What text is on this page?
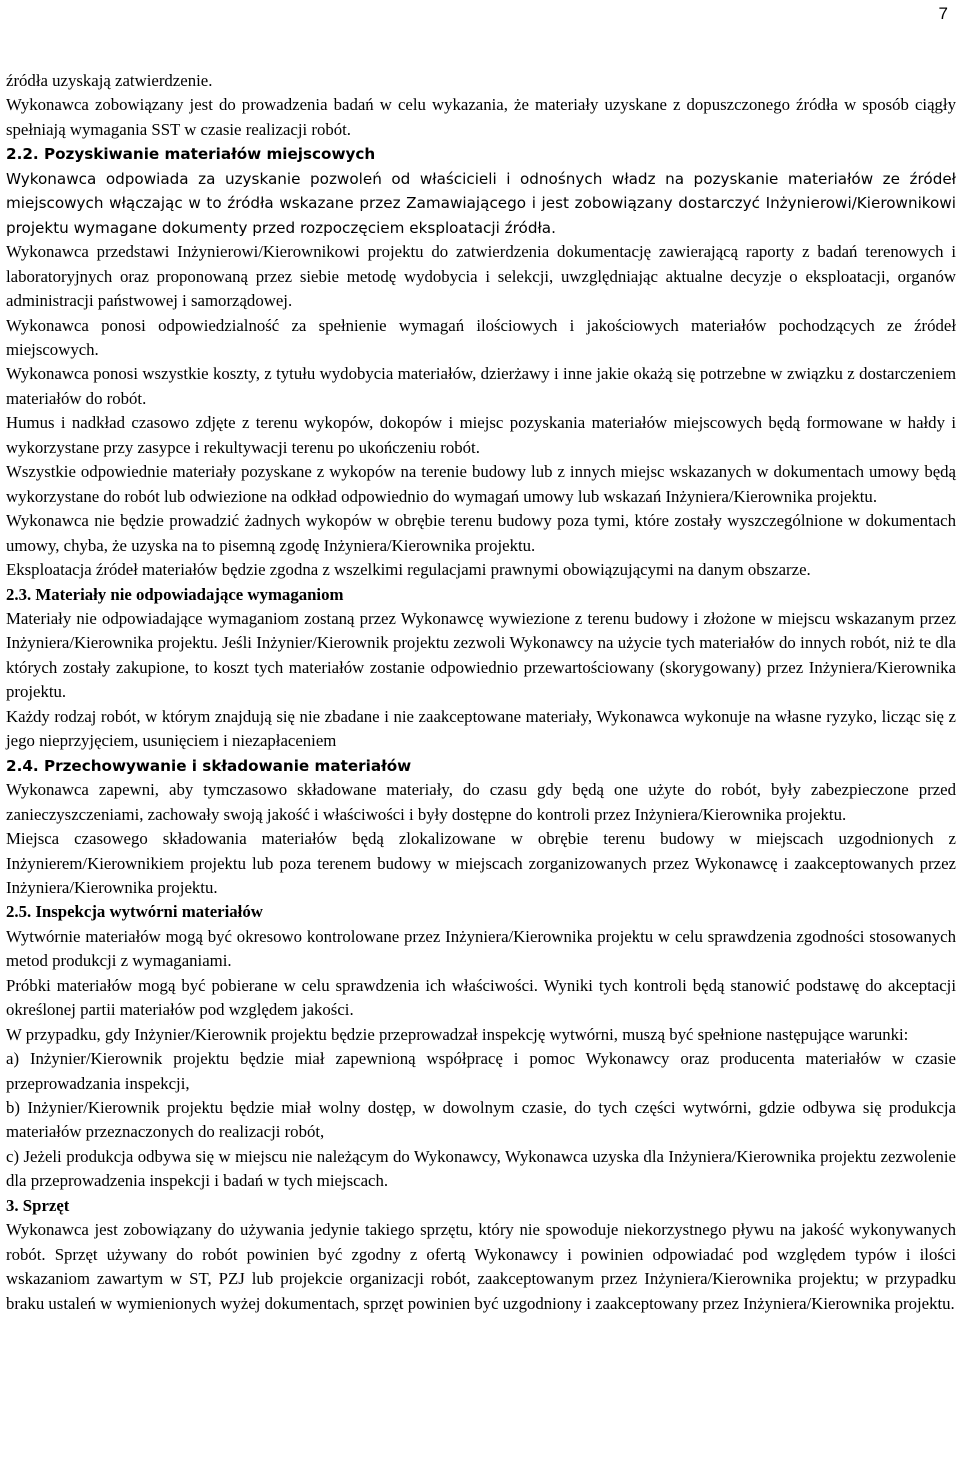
7

źródła uzyskają zatwierdzenie.

Wykonawca zobowiązany jest do prowadzenia badań w celu wykazania, że materiały uzyskane z dopuszczonego źródła w sposób ciągły spełniają wymagania SST w czasie realizacji robót.

2.2. Pozyskiwanie materiałów miejscowych

Wykonawca odpowiada za uzyskanie pozwoleń od właścicieli i odnośnych władz na pozyskanie materiałów ze źródeł miejscowych włączając w to źródła wskazane przez Zamawiającego i jest zobowiązany dostarczyć Inżynierowi/Kierownikowi projektu wymagane dokumenty przed rozpoczęciem eksploatacji źródła.

Wykonawca przedstawi Inżynierowi/Kierownikowi projektu do zatwierdzenia dokumentację zawierającą raporty z badań terenowych i laboratoryjnych oraz proponowaną przez siebie metodę wydobycia i selekcji, uwzględniając aktualne decyzje o eksploatacji, organów administracji państwowej i samorządowej.

Wykonawca ponosi odpowiedzialność za spełnienie wymagań ilościowych i jakościowych materiałów pochodzących ze źródeł miejscowych.

Wykonawca ponosi wszystkie koszty, z tytułu wydobycia materiałów, dzierżawy i inne jakie okażą się potrzebne w związku z dostarczeniem materiałów do robót.

Humus i nadkład czasowo zdjęte z terenu wykopów, dokopów i miejsc pozyskania materiałów miejscowych będą formowane w hałdy i wykorzystane przy zasypce i rekultywacji terenu po ukończeniu robót.

Wszystkie odpowiednie materiały pozyskane z wykopów na terenie budowy lub z innych miejsc wskazanych w dokumentach umowy będą wykorzystane do robót lub odwiezione na odkład odpowiednio do wymagań umowy lub wskazań Inżyniera/Kierownika projektu.

Wykonawca nie będzie prowadzić żadnych wykopów w obrębie terenu budowy poza tymi, które zostały wyszczególnione w dokumentach umowy, chyba, że uzyska na to pisemną zgodę Inżyniera/Kierownika projektu.

Eksploatacja źródeł materiałów będzie zgodna z wszelkimi regulacjami prawnymi obowiązującymi na danym obszarze.

2.3. Materiały nie odpowiadające wymaganiom

Materiały nie odpowiadające wymaganiom zostaną przez Wykonawcę wywiezione z terenu budowy i złożone w miejscu wskazanym przez Inżyniera/Kierownika projektu. Jeśli Inżynier/Kierownik projektu zezwoli Wykonawcy na użycie tych materiałów do innych robót, niż te dla których zostały zakupione, to koszt tych materiałów zostanie odpowiednio przewartościowany (skorygowany) przez Inżyniera/Kierownika projektu.

Każdy rodzaj robót, w którym znajdują się nie zbadane i nie zaakceptowane materiały, Wykonawca wykonuje na własne ryzyko, licząc się z jego nieprzyjęciem, usunięciem i niezapłaceniem

2.4. Przechowywanie i składowanie materiałów

Wykonawca zapewni, aby tymczasowo składowane materiały, do czasu gdy będą one użyte do robót, były zabezpieczone przed zanieczyszczeniami, zachowały swoją jakość i właściwości i były dostępne do kontroli przez Inżyniera/Kierownika projektu.

Miejsca czasowego składowania materiałów będą zlokalizowane w obrębie terenu budowy w miejscach uzgodnionych z Inżynierem/Kierownikiem projektu lub poza terenem budowy w miejscach zorganizowanych przez Wykonawcę i zaakceptowanych przez Inżyniera/Kierownika projektu.

2.5. Inspekcja wytwórni materiałów

Wytwórnie materiałów mogą być okresowo kontrolowane przez Inżyniera/Kierownika projektu w celu sprawdzenia zgodności stosowanych metod produkcji z wymaganiami.

Próbki materiałów mogą być pobierane w celu sprawdzenia ich właściwości. Wyniki tych kontroli będą stanowić podstawę do akceptacji określonej partii materiałów pod względem jakości.

W przypadku, gdy Inżynier/Kierownik projektu będzie przeprowadzał inspekcję wytwórni, muszą być spełnione następujące warunki:

a) Inżynier/Kierownik projektu będzie miał zapewnioną współpracę i pomoc Wykonawcy oraz producenta materiałów w czasie przeprowadzania inspekcji,

b) Inżynier/Kierownik projektu będzie miał wolny dostęp, w dowolnym czasie, do tych części wytwórni, gdzie odbywa się produkcja materiałów przeznaczonych do realizacji robót,

c) Jeżeli produkcja odbywa się w miejscu nie należącym do Wykonawcy, Wykonawca uzyska dla Inżyniera/Kierownika projektu zezwolenie dla przeprowadzenia inspekcji i badań w tych miejscach.

3. Sprzęt

Wykonawca jest zobowiązany do używania jedynie takiego sprzętu, który nie spowoduje niekorzystnego pływu na jakość wykonywanych robót. Sprzęt używany do robót powinien być zgodny z ofertą Wykonawcy i powinien odpowiadać pod względem typów i ilości wskazaniom zawartym w ST, PZJ lub projekcie organizacji robót, zaakceptowanym przez Inżyniera/Kierownika projektu; w przypadku braku ustaleń w wymienionych wyżej dokumentach, sprzęt powinien być uzgodniony i zaakceptowany przez Inżyniera/Kierownika projektu.
